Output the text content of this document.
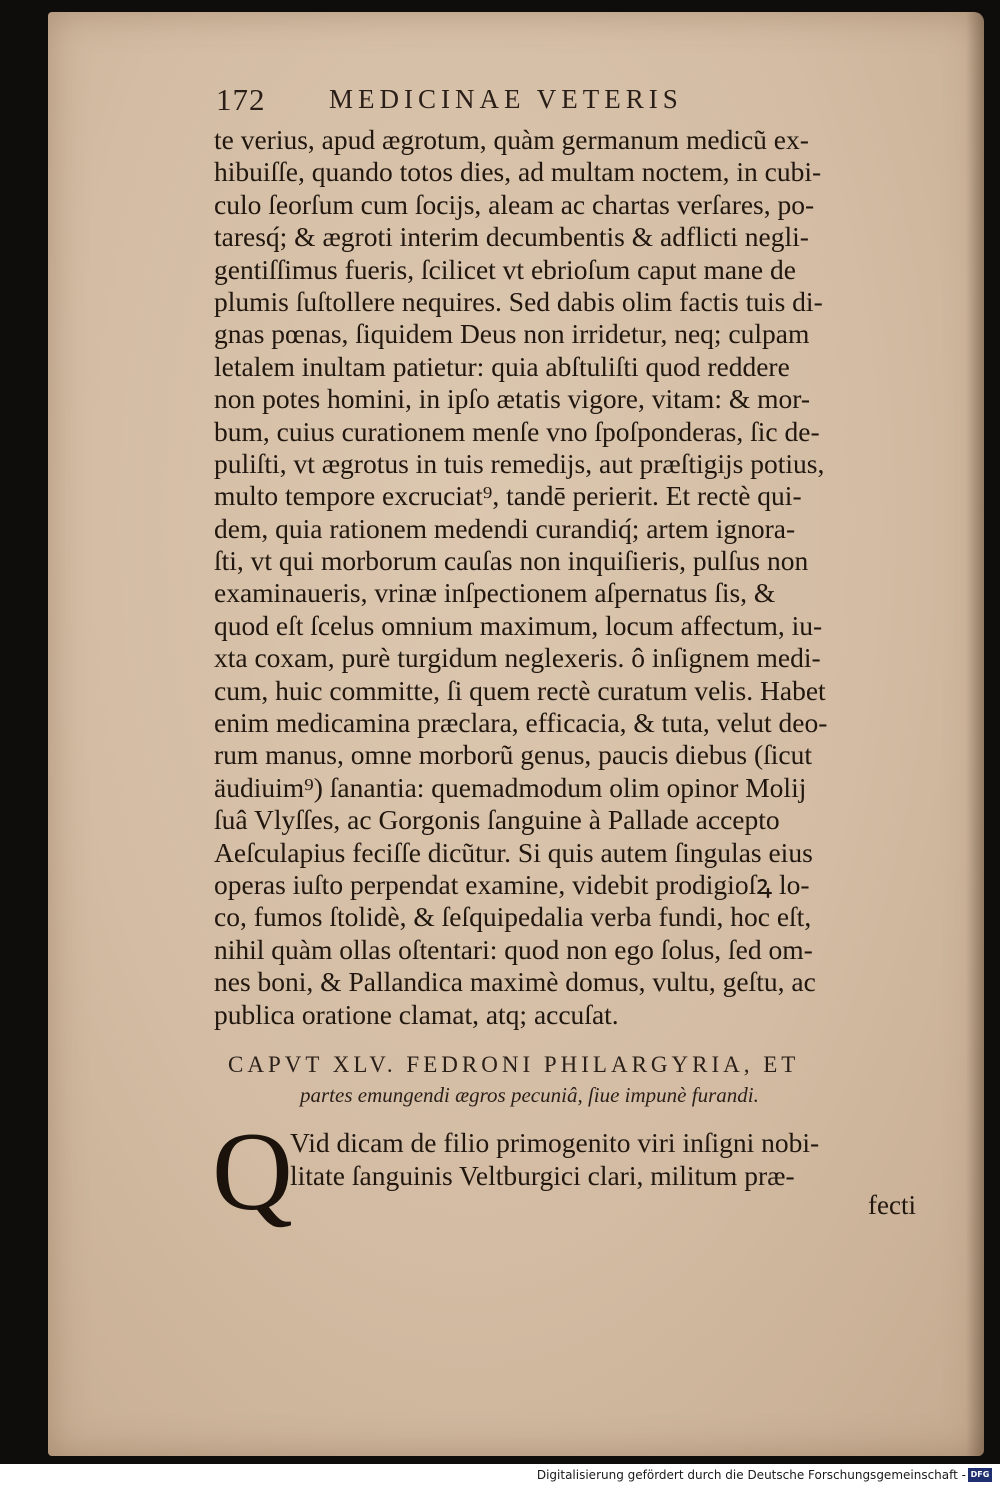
172 MEDICINAE VETERIS
te verius, apud ægrotum, quàm germanum medicũ ex-
hibuiſſe, quando totos dies, ad multam noctem, in cubi-
culo ſeorſum cum ſocijs, aleam ac chartas verſares, po-
taresq́; & ægroti interim decumbentis & adflicti negli-
gentiſſimus fueris, ſcilicet vt ebrioſum caput mane de
plumis ſuſtollere nequires. Sed dabis olim factis tuis di-
gnas pœnas, ſiquidem Deus non irridetur, neq; culpam
letalem inultam patietur: quia abſtuliſti quod reddere
non potes homini, in ipſo ætatis vigore, vitam: & mor-
bum, cuius curationem menſe vno ſpoſponderas, ſic de-
puliſti, vt ægrotus in tuis remedijs, aut præſtigijs potius,
multo tempore excruciat⁹, tandē perierit. Et rectè qui-
dem, quia rationem medendi curandiq́; artem ignora-
ſti, vt qui morborum cauſas non inquiſieris, pulſus non
examinaueris, vrinæ inſpectionem aſpernatus ſis, &
quod eſt ſcelus omnium maximum, locum affectum, iu-
xta coxam, purè turgidum neglexeris. ô inſignem medi-
cum, huic committe, ſi quem rectè curatum velis. Habet
enim medicamina præclara, efficacia, & tuta, velut deo-
rum manus, omne morborũ genus, paucis diebus (ſicut
äudiuim⁹) ſanantia: quemadmodum olim opinor Molij
ſuâ Vlyſſes, ac Gorgonis ſanguine à Pallade accepto
Aeſculapius feciſſe dicũtur. Si quis autem ſingulas eius
operas iuſto perpendat examine, videbit prodigioſꝝ lo-
co, fumos ſtolidè, & ſeſquipedalia verba fundi, hoc eſt,
nihil quàm ollas oſtentari: quod non ego ſolus, ſed om-
nes boni, & Pallandica maximè domus, vultu, geſtu, ac
publica oratione clamat, atq; accuſat.
CAPVT XLV. FEDRONI PHILARGYRIA, ET
partes emungendi ægros pecuniâ, ſiue impunè furandi.
Q
Vid dicam de filio primogenito viri inſigni nobi-
litate ſanguinis Veltburgici clari, militum præ-
fecti
Digitalisierung gefördert durch die Deutsche Forschungsgemeinschaft - DFG
